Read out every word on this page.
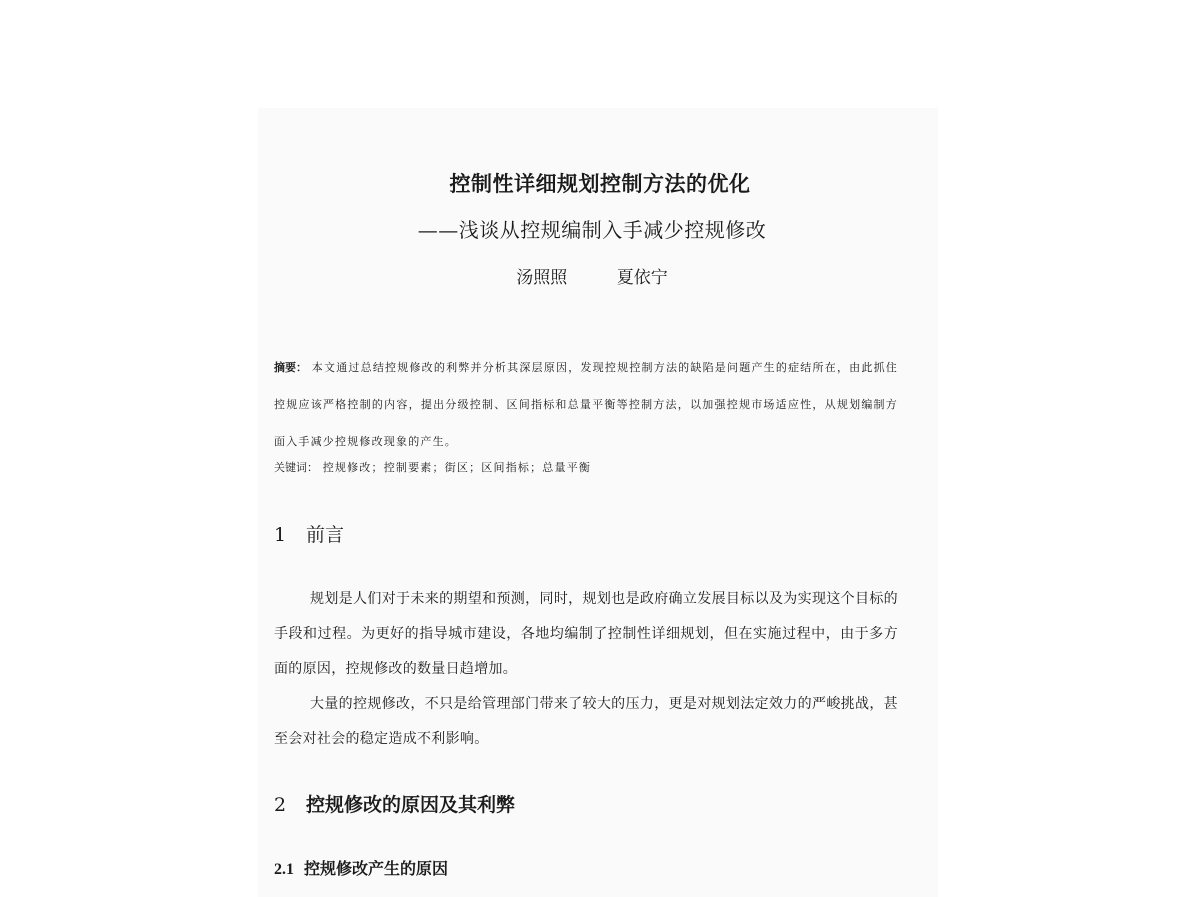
控制性详细规划控制方法的优化
——浅谈从控规编制入手减少控规修改
汤照照	夏依宁
摘要： 本文通过总结控规修改的利弊并分析其深层原因，发现控规控制方法的缺陷是问题产生的症结所在，由此抓住控规应该严格控制的内容，提出分级控制、区间指标和总量平衡等控制方法，以加强控规市场适应性，从规划编制方面入手减少控规修改现象的产生。
关键词： 控规修改；控制要素；街区；区间指标；总量平衡
1 前言

规划是人们对于未来的期望和预测，同时，规划也是政府确立发展目标以及为实现这个目标的手段和过程。为更好的指导城市建设，各地均编制了控制性详细规划，但在实施过程中，由于多方面的原因，控规修改的数量日趋增加。

大量的控规修改，不只是给管理部门带来了较大的压力，更是对规划法定效力的严峻挑战，甚至会对社会的稳定造成不利影响。

2 控规修改的原因及其利弊
2.1 控规修改产生的原因
